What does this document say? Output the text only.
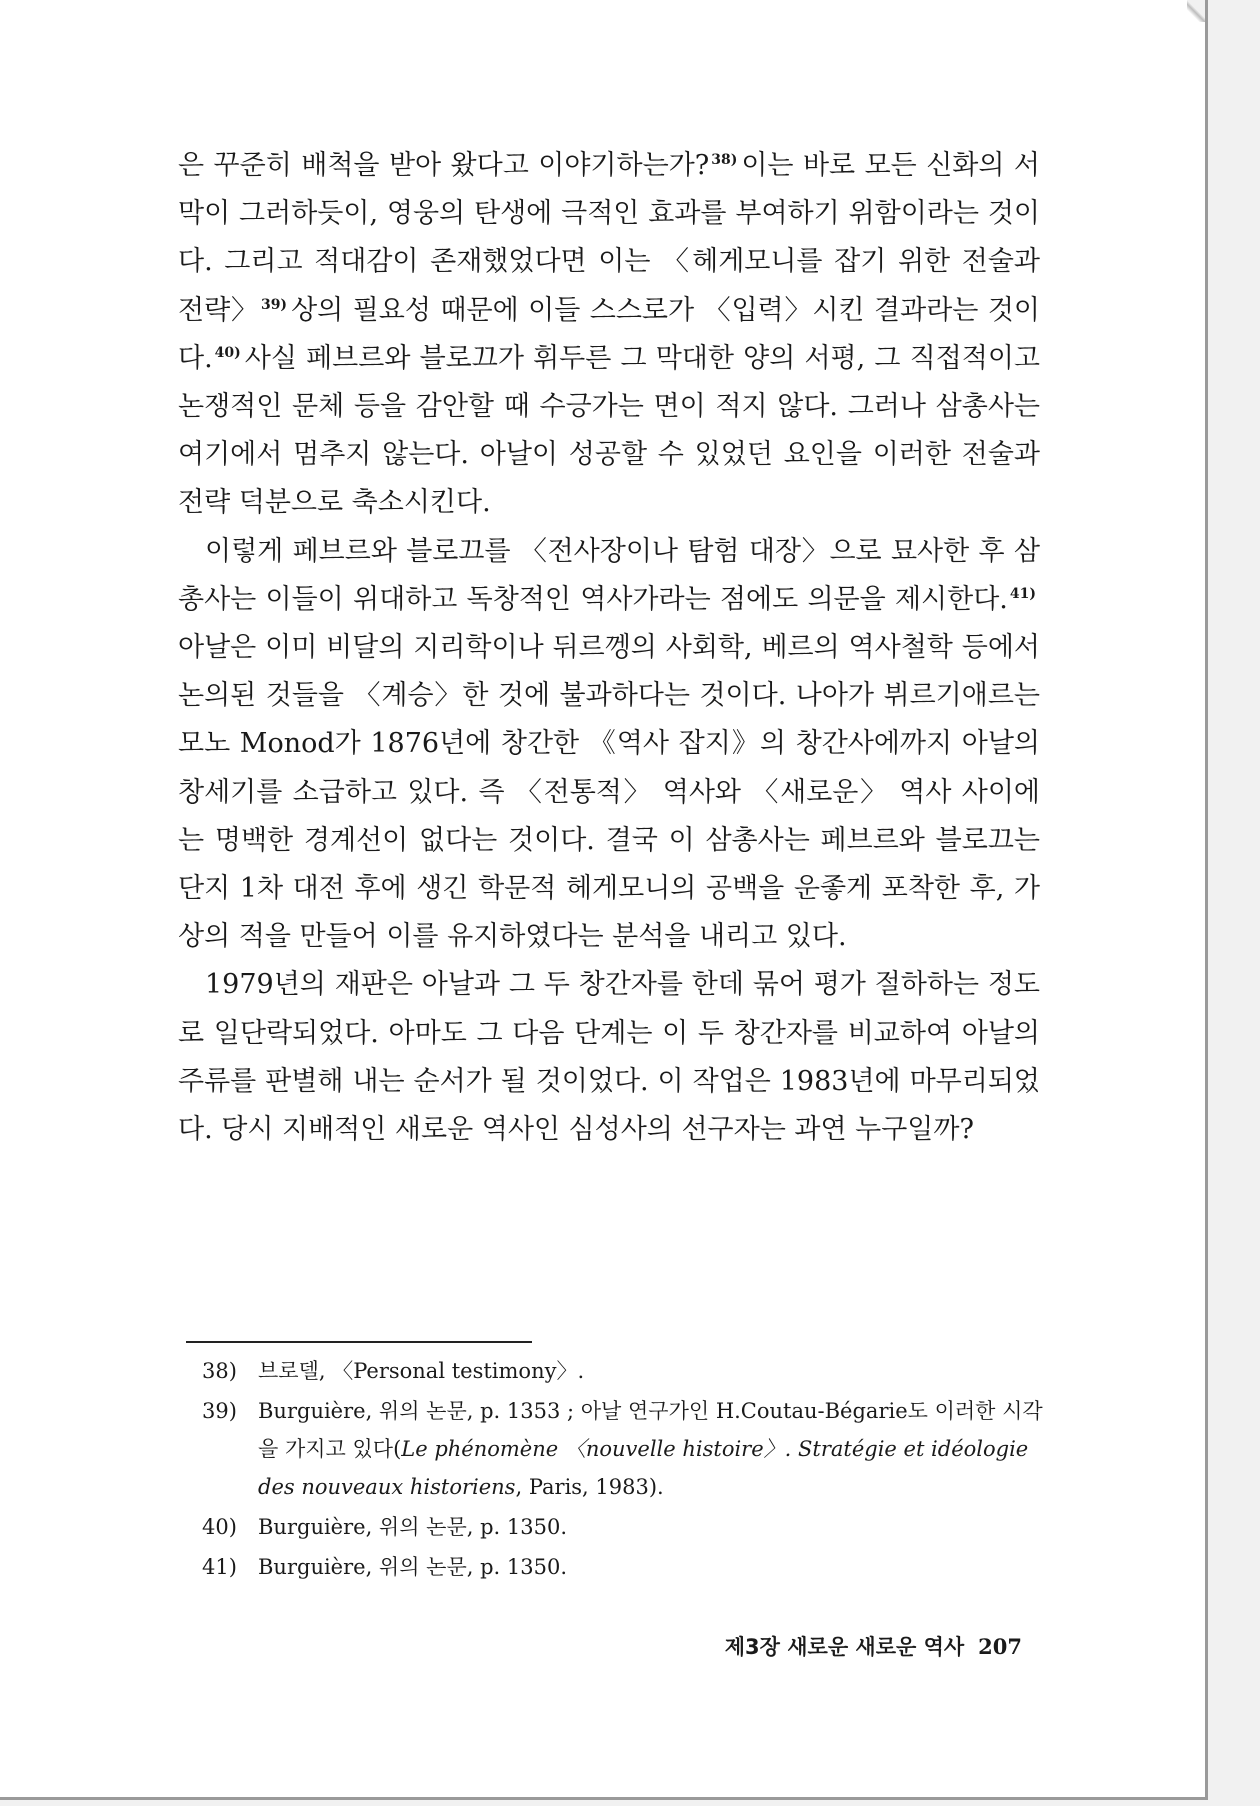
은 꾸준히 배척을 받아 왔다고 이야기하는가? $^{38)}$ 이는 바로 모든 신화의 서막이 그러하듯이, 영웅의 탄생에 극적인 효과를 부여하기 위함이라는 것이다. 그리고 적대감이 존재했었다면 이는 〈헤게모니를 잡기 위한 전술과 전략〉 $^{39)}$ 상의 필요성 때문에 이들 스스로가 〈입력〉시킨 결과라는 것이다. $^{40)}$ 사실 페브르와 블로끄가 휘두른 그 막대한 양의 서평, 그 직접적이고 논쟁적인 문체 등을 감안할 때 수긍가는 면이 적지 않다. 그러나 삼총사는 여기에서 멈추지 않는다. 아날이 성공할 수 있었던 요인을 이러한 전술과 전략 덕분으로 축소시킨다.

이렇게 페브르와 블로끄를 〈전사장이나 탐험 대장〉으로 묘사한 후 삼총사는 이들이 위대하고 독창적인 역사가라는 점에도 의문을 제시한다. $^{41)}$아날은 이미 비달의 지리학이나 뒤르껭의 사회학, 베르의 역사철학 등에서 논의된 것들을 〈계승〉한 것에 불과하다는 것이다. 나아가 뷔르기애르는 모노 Monod가 1876년에 창간한 《역사 잡지》의 창간사에까지 아날의 창세기를 소급하고 있다. 즉 〈전통적〉 역사와 〈새로운〉 역사 사이에는 명백한 경계선이 없다는 것이다. 결국 이 삼총사는 페브르와 블로끄는 단지 1차 대전 후에 생긴 학문적 헤게모니의 공백을 운좋게 포착한 후, 가상의 적을 만들어 이를 유지하였다는 분석을 내리고 있다.

1979년의 재판은 아날과 그 두 창간자를 한데 묶어 평가 절하하는 정도로 일단락되었다. 아마도 그 다음 단계는 이 두 창간자를 비교하여 아날의 주류를 판별해 내는 순서가 될 것이었다. 이 작업은 1983년에 마무리되었다. 당시 지배적인 새로운 역사인 심성사의 선구자는 과연 누구일까?

38)	브로델, 〈Personal testimony〉.
39)	Burguière, 위의 논문, p. 1353 ; 아날 연구가인 H.Coutau-Bégarie도 이러한 시각을 가지고 있다(Le phénomène 〈nouvelle histoire〉. Stratégie et idéologie des nouveaux historiens, Paris, 1983).
40)	Burguière, 위의 논문, p. 1350.
41)	Burguière, 위의 논문, p. 1350.
제3장 새로운 새로운 역사 207
